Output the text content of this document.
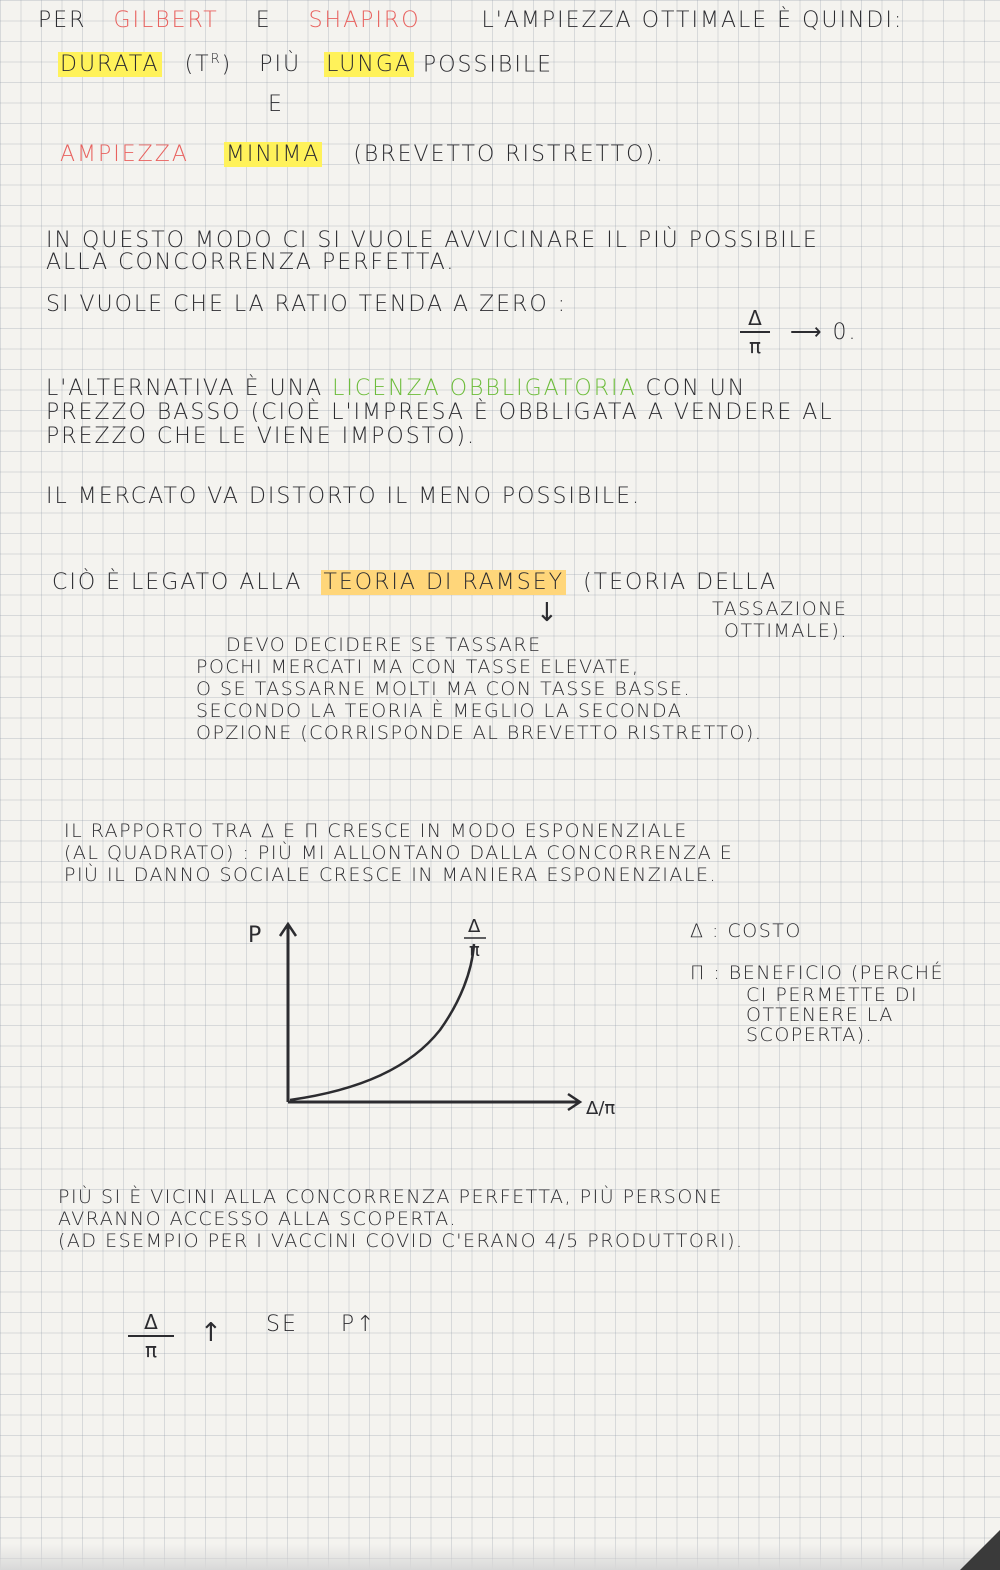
PER GILBERT E SHAPIRO	L'AMPIEZZA OTTIMALE È QUINDI:
DURATA $(T^R)$ PIÙ LUNGA POSSIBILE
E
AMPIEZZA MINIMA (BREVETTO RISTRETTO).
IN QUESTO MODO CI SI VUOLE AVVICINARE IL PIÙ POSSIBILE
ALLA CONCORRENZA PERFETTA.
SI VUOLE CHE LA RATIO TENDA A ZERO :
Δ
π
⟶ 0.
L'ALTERNATIVA È UNA LICENZA OBBLIGATORIA CON UN
PREZZO BASSO (CIOÈ L'IMPRESA È OBBLIGATA A VENDERE AL
PREZZO CHE LE VIENE IMPOSTO).
IL MERCATO VA DISTORTO IL MENO POSSIBILE.
CIÒ È LEGATO ALLA TEORIA DI RAMSEY (TEORIA DELLA
TASSAZIONE
OTTIMALE).
↓
DEVO DECIDERE SE TASSARE
POCHI MERCATI MA CON TASSE ELEVATE,
O SE TASSARNE MOLTI MA CON TASSE BASSE.
SECONDO LA TEORIA È MEGLIO LA SECONDA
OPZIONE (CORRISPONDE AL BREVETTO RISTRETTO).
IL RAPPORTO TRA Δ E Π CRESCE IN MODO ESPONENZIALE
(AL QUADRATO) : PIÙ MI ALLONTANO DALLA CONCORRENZA E
PIÙ IL DANNO SOCIALE CRESCE IN MANIERA ESPONENZIALE.
P
Δ/π
Δ
π
Δ : COSTO
Π : BENEFICIO (PERCHÉ
CI PERMETTE DI
OTTENERE LA
SCOPERTA).
PIÙ SI È VICINI ALLA CONCORRENZA PERFETTA, PIÙ PERSONE
AVRANNO ACCESSO ALLA SCOPERTA.
(AD ESEMPIO PER I VACCINI COVID C'ERANO 4/5 PRODUTTORI).
Δ
π
↑ SE P↑
